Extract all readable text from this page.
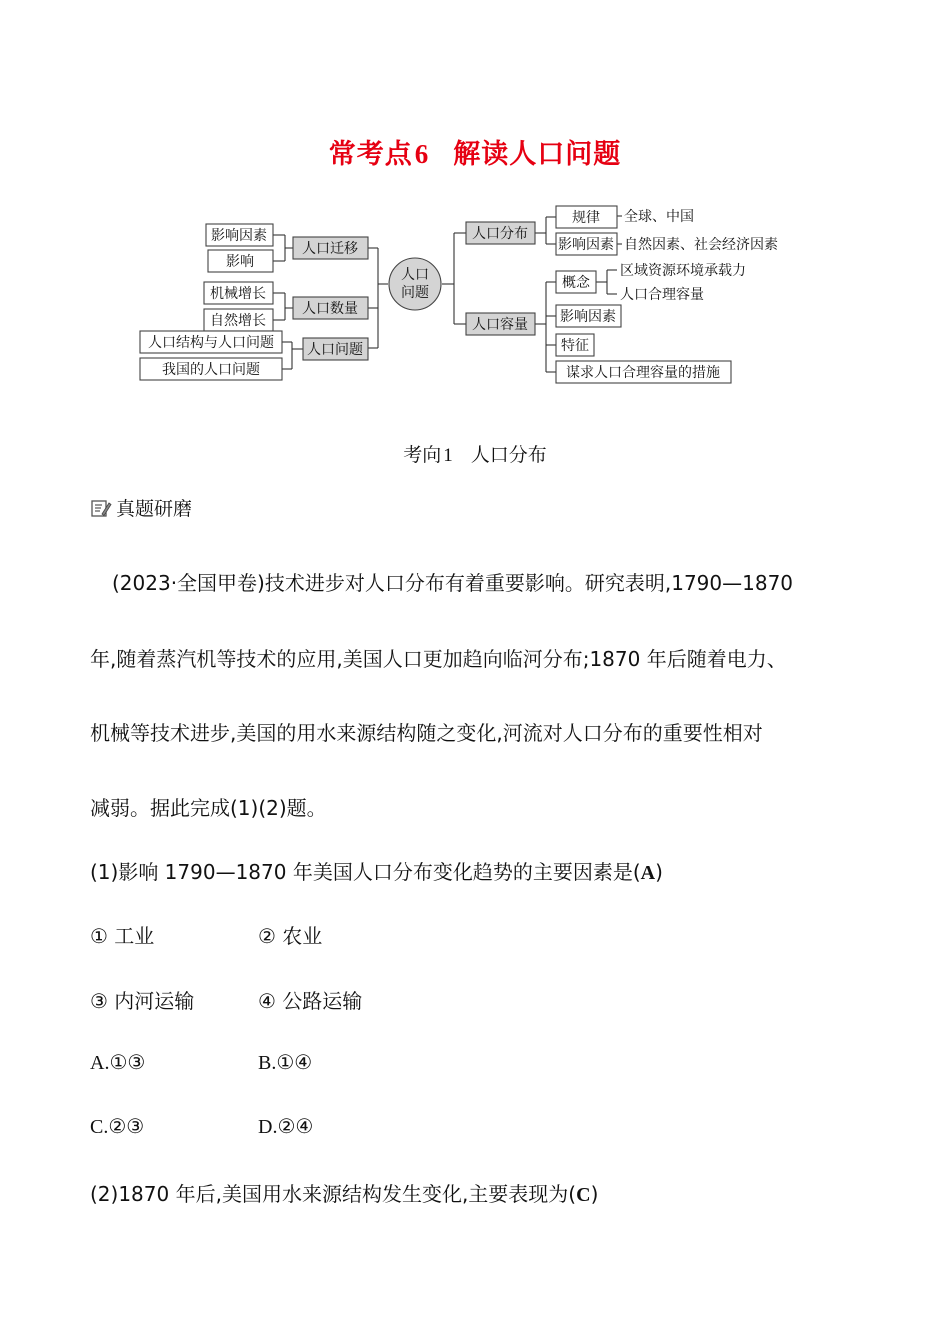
常考点6 解读人口问题
人口
问题
人口迁移
影响因素
影响
人口数量
机械增长
自然增长
人口问题
人口结构与人口问题
我国的人口问题
人口分布
规律 全球、中国
影响因素 自然因素、社会经济因素
人口容量
概念
区域资源环境承载力
人口合理容量
影响因素
特征
谋求人口合理容量的措施
考向 1 人口分布
真题研磨

(2023·全国甲卷)技术进步对人口分布有着重要影响。研究表明,1790—1870

年,随着蒸汽机等技术的应用,美国人口更加趋向临河分布;1870 年后随着电力、

机械等技术进步,美国的用水来源结构随之变化,河流对人口分布的重要性相对

减弱。据此完成(1)(2)题。

(1)影响 1790—1870 年美国人口分布变化趋势的主要因素是(A)
① 工业	② 农业
③ 内河运输	④ 公路运输
A.①③	B.①④
C.②③	D.②④
(2)1870 年后,美国用水来源结构发生变化,主要表现为(C)
